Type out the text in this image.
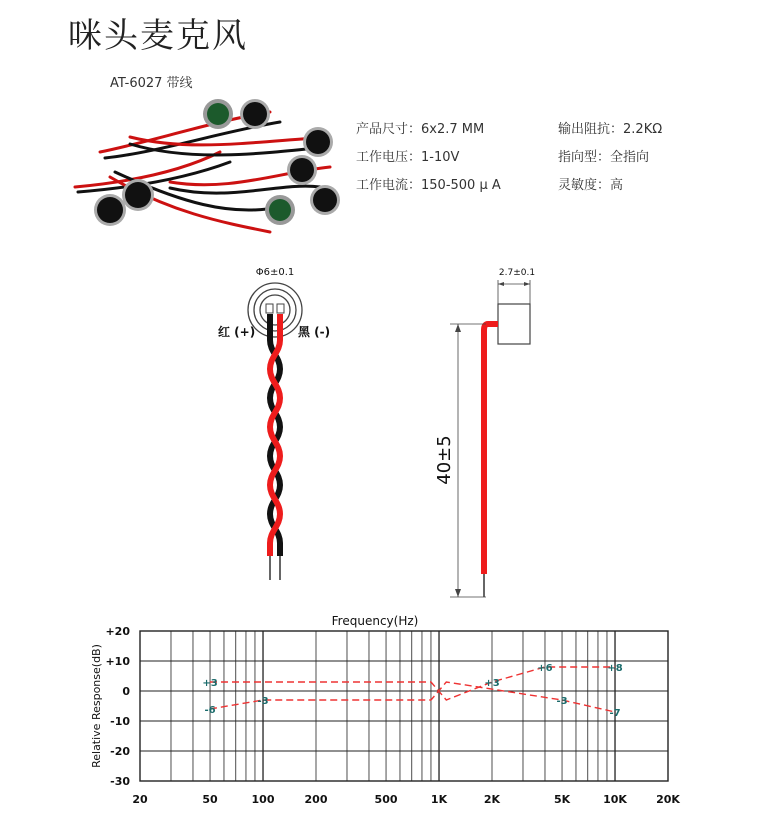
咪头麦克风
AT-6027 带线
产品尺寸：6x2.7 MM
工作电压：1-10V
工作电流：150-500 μ A
输出阻抗：2.2KΩ
指向型：全指向
灵敏度：高
Φ6±0.1
红 (+)	黑 (-)
2.7±0.1
40±5
Frequency(Hz)
Relative Response(dB)
20	50	100	200	500	1K	2K	5K	10K	20K
+20
+10
0
-10
-20
-30
+3
-6
-3
+3
+6	+8
-3
-7
